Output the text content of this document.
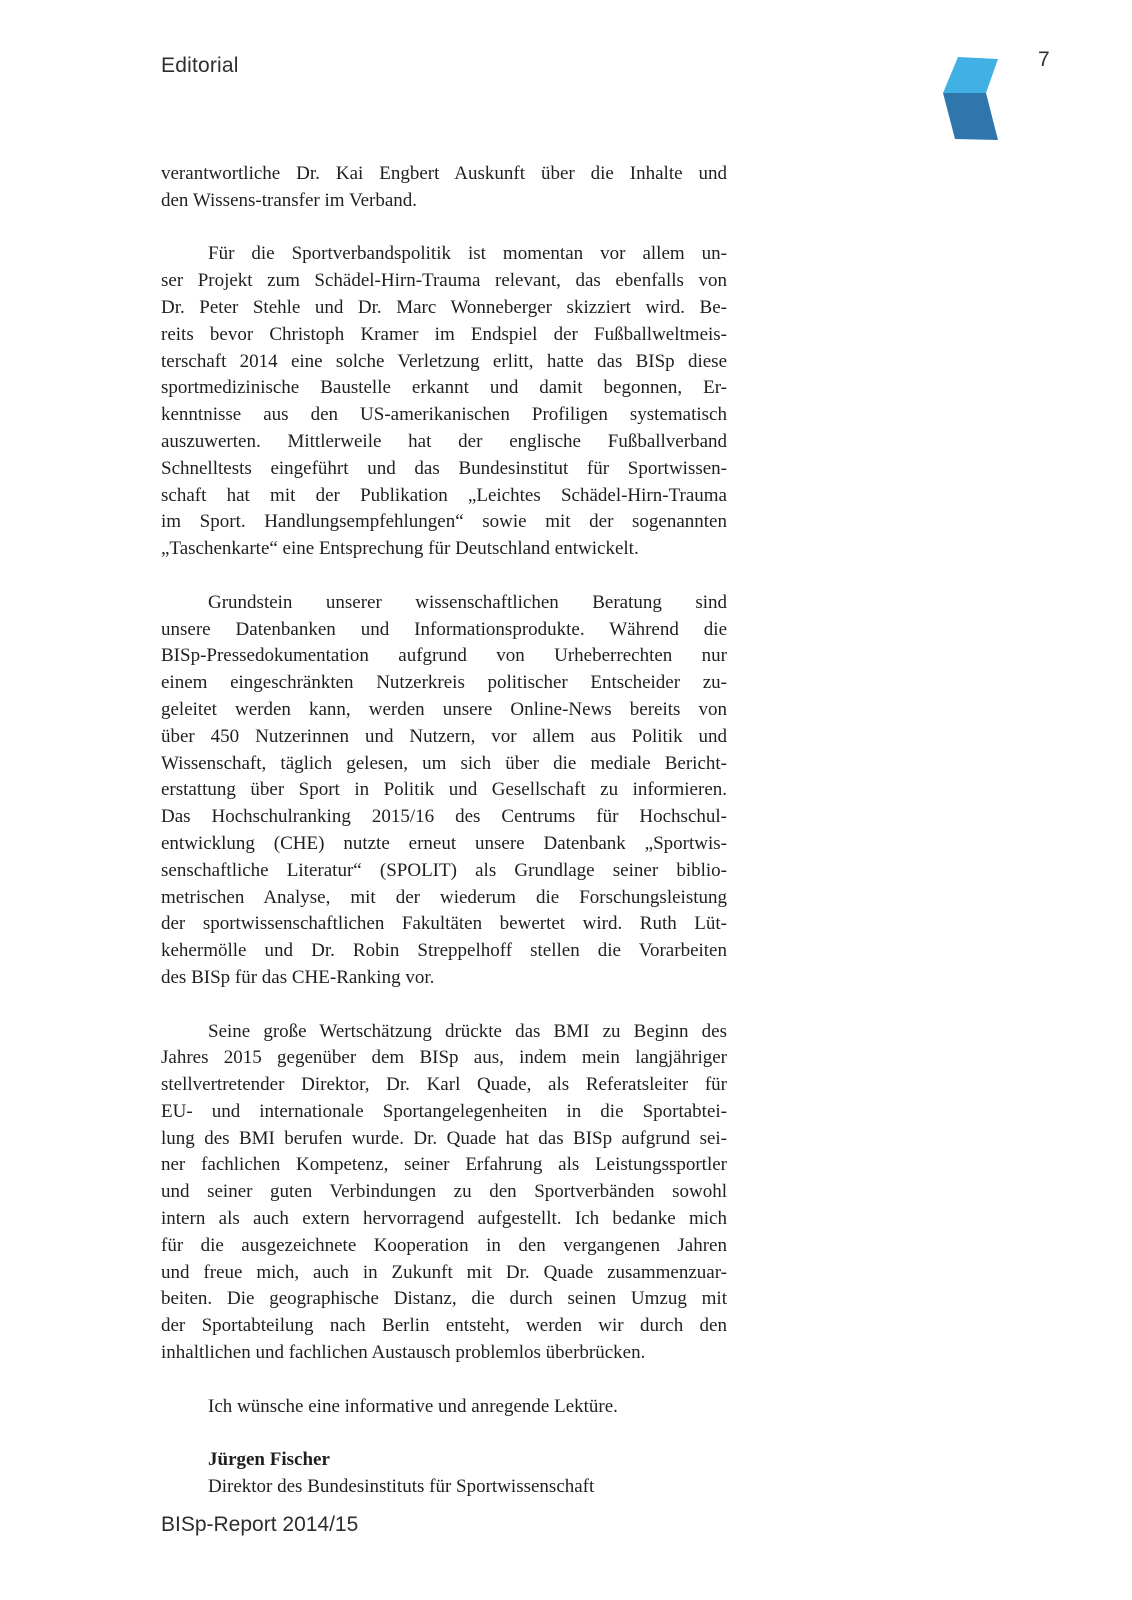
Editorial	7
verantwortliche Dr. Kai Engbert Auskunft über die Inhalte und
den Wissens-transfer im Verband.
Für die Sportverbandspolitik ist momentan vor allem un-
ser Projekt zum Schädel-Hirn-Trauma relevant, das ebenfalls von
Dr. Peter Stehle und Dr. Marc Wonneberger skizziert wird. Be-
reits bevor Christoph Kramer im Endspiel der Fußballweltmeis-
terschaft 2014 eine solche Verletzung erlitt, hatte das BISp diese
sportmedizinische Baustelle erkannt und damit begonnen, Er-
kenntnisse aus den US-amerikanischen Profiligen systematisch
auszuwerten. Mittlerweile hat der englische Fußballverband
Schnelltests eingeführt und das Bundesinstitut für Sportwissen-
schaft hat mit der Publikation „Leichtes Schädel-Hirn-Trauma
im Sport. Handlungsempfehlungen“ sowie mit der sogenannten
„Taschenkarte“ eine Entsprechung für Deutschland entwickelt.
Grundstein unserer wissenschaftlichen Beratung sind
unsere Datenbanken und Informationsprodukte. Während die
BISp-Pressedokumentation aufgrund von Urheberrechten nur
einem eingeschränkten Nutzerkreis politischer Entscheider zu-
geleitet werden kann, werden unsere Online-News bereits von
über 450 Nutzerinnen und Nutzern, vor allem aus Politik und
Wissenschaft, täglich gelesen, um sich über die mediale Bericht-
erstattung über Sport in Politik und Gesellschaft zu informieren.
Das Hochschulranking 2015/16 des Centrums für Hochschul-
entwicklung (CHE) nutzte erneut unsere Datenbank „Sportwis-
senschaftliche Literatur“ (SPOLIT) als Grundlage seiner biblio-
metrischen Analyse, mit der wiederum die Forschungsleistung
der sportwissenschaftlichen Fakultäten bewertet wird. Ruth Lüt-
kehermölle und Dr. Robin Streppelhoff stellen die Vorarbeiten
des BISp für das CHE-Ranking vor.
Seine große Wertschätzung drückte das BMI zu Beginn des
Jahres 2015 gegenüber dem BISp aus, indem mein langjähriger
stellvertretender Direktor, Dr. Karl Quade, als Referatsleiter für
EU- und internationale Sportangelegenheiten in die Sportabtei-
lung des BMI berufen wurde. Dr. Quade hat das BISp aufgrund sei-
ner fachlichen Kompetenz, seiner Erfahrung als Leistungssportler
und seiner guten Verbindungen zu den Sportverbänden sowohl
intern als auch extern hervorragend aufgestellt. Ich bedanke mich
für die ausgezeichnete Kooperation in den vergangenen Jahren
und freue mich, auch in Zukunft mit Dr. Quade zusammenzuar-
beiten. Die geographische Distanz, die durch seinen Umzug mit
der Sportabteilung nach Berlin entsteht, werden wir durch den
inhaltlichen und fachlichen Austausch problemlos überbrücken.
Ich wünsche eine informative und anregende Lektüre.
Jürgen Fischer
Direktor des Bundesinstituts für Sportwissenschaft
BISp-Report 2014/15
